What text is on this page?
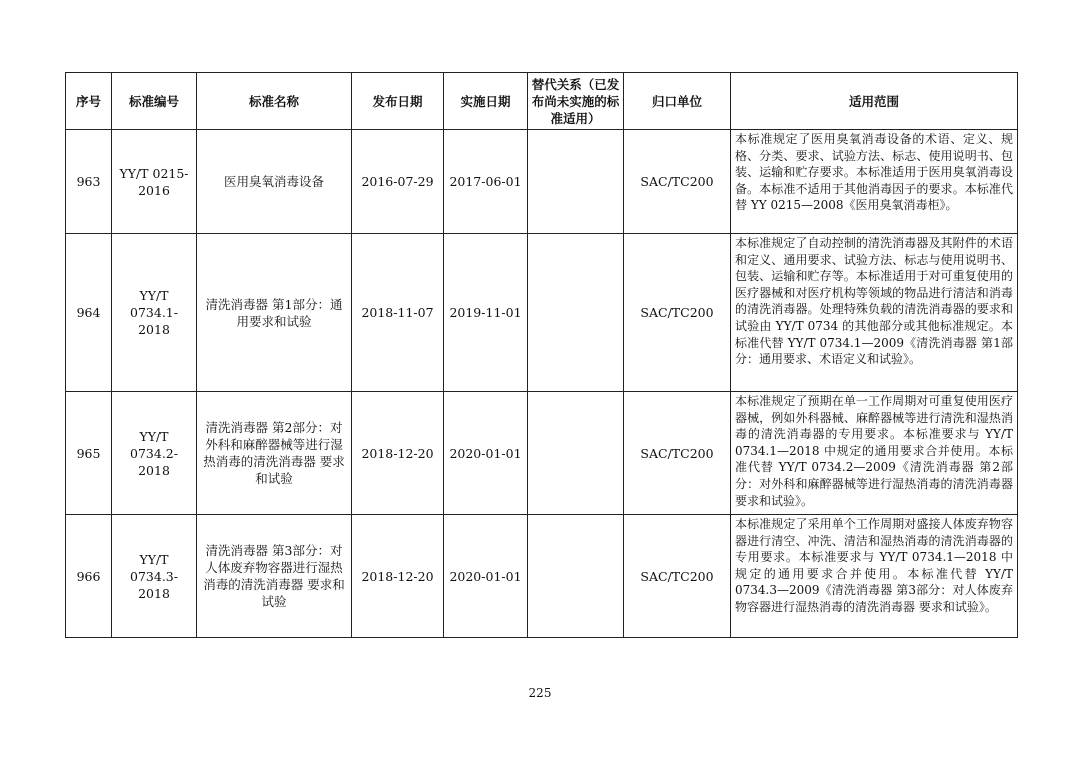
序号	标准编号	标准名称	发布日期	实施日期	替代关系（已发布尚未实施的标准适用）	归口单位	适用范围
963	YY/T 0215-2016	医用臭氧消毒设备	2016-07-29	2017-06-01		SAC/TC200	本标准规定了医用臭氧消毒设备的术语、定义、规格、分类、要求、试验方法、标志、使用说明书、包装、运输和贮存要求。本标准适用于医用臭氧消毒设备。本标准不适用于其他消毒因子的要求。本标准代替 YY 0215—2008《医用臭氧消毒柜》。
964	YY/T 0734.1-2018	清洗消毒器 第1部分：通用要求和试验	2018-11-07	2019-11-01		SAC/TC200	本标准规定了自动控制的清洗消毒器及其附件的术语和定义、通用要求、试验方法、标志与使用说明书、包装、运输和贮存等。本标准适用于对可重复使用的医疗器械和对医疗机构等领域的物品进行清洁和消毒的清洗消毒器。处理特殊负载的清洗消毒器的要求和试验由 YY/T 0734 的其他部分或其他标准规定。本标准代替 YY/T 0734.1—2009《清洗消毒器 第1部分：通用要求、术语定义和试验》。
965	YY/T 0734.2-2018	清洗消毒器 第2部分：对外科和麻醉器械等进行湿热消毒的清洗消毒器 要求和试验	2018-12-20	2020-01-01		SAC/TC200	本标准规定了预期在单一工作周期对可重复使用医疗器械，例如外科器械、麻醉器械等进行清洗和湿热消毒的清洗消毒器的专用要求。本标准要求与 YY/T 0734.1—2018 中规定的通用要求合并使用。本标准代替 YY/T 0734.2—2009《清洗消毒器 第2部分：对外科和麻醉器械等进行湿热消毒的清洗消毒器 要求和试验》。
966	YY/T 0734.3-2018	清洗消毒器 第3部分：对人体废弃物容器进行湿热消毒的清洗消毒器 要求和试验	2018-12-20	2020-01-01		SAC/TC200	本标准规定了采用单个工作周期对盛接人体废弃物容器进行清空、冲洗、清洁和湿热消毒的清洗消毒器的专用要求。本标准要求与 YY/T 0734.1—2018 中规定的通用要求合并使用。本标准代替 YY/T 0734.3—2009《清洗消毒器 第3部分：对人体废弃物容器进行湿热消毒的清洗消毒器 要求和试验》。
225
